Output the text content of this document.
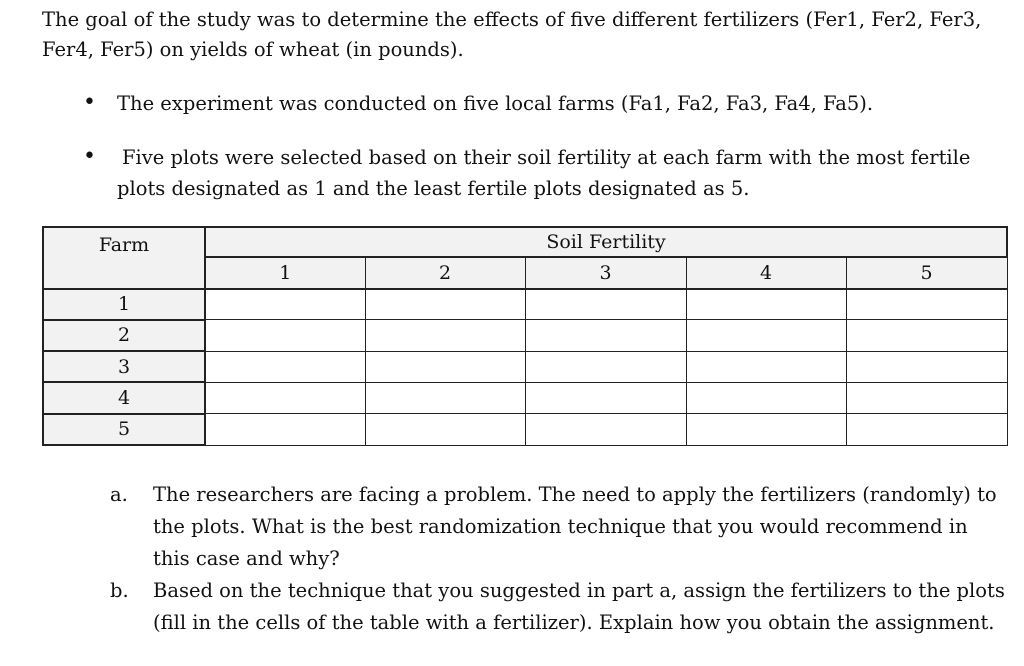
The goal of the study was to determine the effects of five different fertilizers (Fer1, Fer2, Fer3, Fer4, Fer5) on yields of wheat (in pounds).
• The experiment was conducted on five local farms (Fa1, Fa2, Fa3, Fa4, Fa5).
• Five plots were selected based on their soil fertility at each farm with the most fertile plots designated as 1 and the least fertile plots designated as 5.
Farm	Soil Fertility				
	1	2	3	4	5
1					
2					
3					
4					
5					
a.	The researchers are facing a problem. The need to apply the fertilizers (randomly) to the plots. What is the best randomization technique that you would recommend in this case and why?
b.	Based on the technique that you suggested in part a, assign the fertilizers to the plots (fill in the cells of the table with a fertilizer). Explain how you obtain the assignment.
